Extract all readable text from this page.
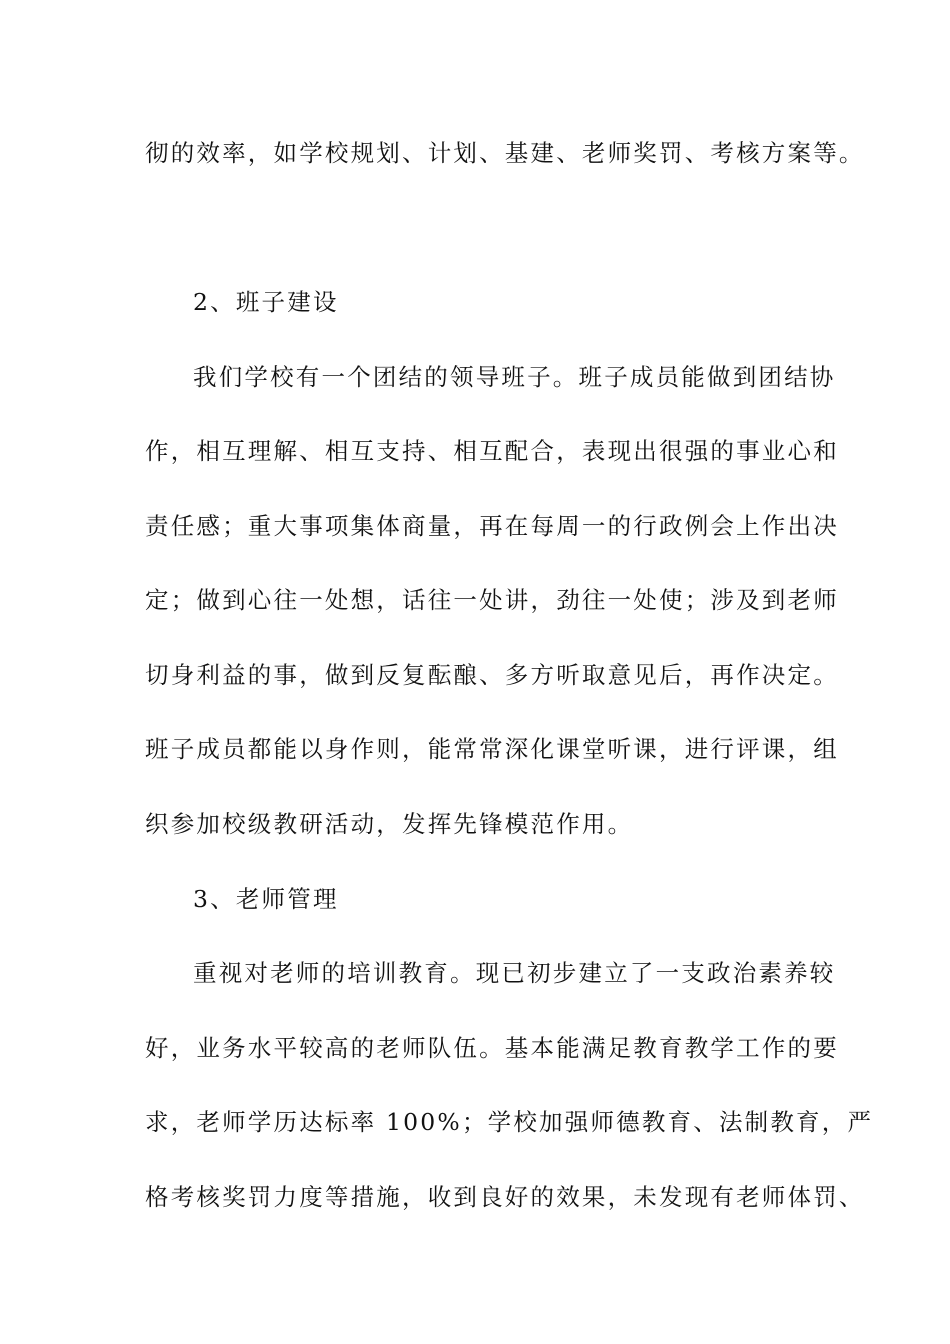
彻的效率，如学校规划、计划、基建、老师奖罚、考核方案等。
2、班子建设
我们学校有一个团结的领导班子。班子成员能做到团结协
作，相互理解、相互支持、相互配合，表现出很强的事业心和
责任感；重大事项集体商量，再在每周一的行政例会上作出决
定；做到心往一处想，话往一处讲，劲往一处使；涉及到老师
切身利益的事，做到反复酝酿、多方听取意见后，再作决定。
班子成员都能以身作则，能常常深化课堂听课，进行评课，组
织参加校级教研活动，发挥先锋模范作用。
3、老师管理
重视对老师的培训教育。现已初步建立了一支政治素养较
好，业务水平较高的老师队伍。基本能满足教育教学工作的要
求，老师学历达标率 100%；学校加强师德教育、法制教育，严
格考核奖罚力度等措施，收到良好的效果，未发现有老师体罚、
